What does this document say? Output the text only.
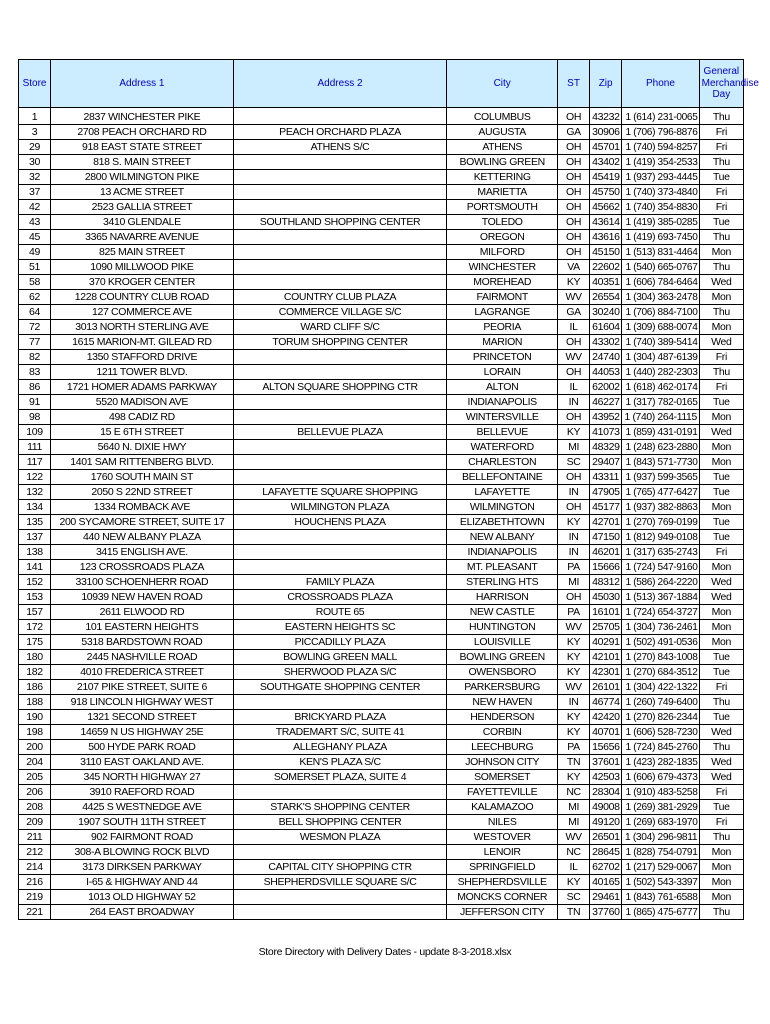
Store	Address 1	Address 2	City	ST	Zip	Phone	General Merchandise Day
1	2837 WINCHESTER PIKE		COLUMBUS	OH	43232	1 (614) 231-0065	Thu
3	2708 PEACH ORCHARD RD	PEACH ORCHARD PLAZA	AUGUSTA	GA	30906	1 (706) 796-8876	Fri
29	918 EAST STATE STREET	ATHENS S/C	ATHENS	OH	45701	1 (740) 594-8257	Fri
30	818 S. MAIN STREET		BOWLING GREEN	OH	43402	1 (419) 354-2533	Thu
32	2800 WILMINGTON PIKE		KETTERING	OH	45419	1 (937) 293-4445	Tue
37	13 ACME STREET		MARIETTA	OH	45750	1 (740) 373-4840	Fri
42	2523 GALLIA STREET		PORTSMOUTH	OH	45662	1 (740) 354-8830	Fri
43	3410 GLENDALE	SOUTHLAND SHOPPING CENTER	TOLEDO	OH	43614	1 (419) 385-0285	Tue
45	3365 NAVARRE AVENUE		OREGON	OH	43616	1 (419) 693-7450	Thu
49	825 MAIN STREET		MILFORD	OH	45150	1 (513) 831-4464	Mon
51	1090 MILLWOOD PIKE		WINCHESTER	VA	22602	1 (540) 665-0767	Thu
58	370 KROGER CENTER		MOREHEAD	KY	40351	1 (606) 784-6464	Wed
62	1228 COUNTRY CLUB ROAD	COUNTRY CLUB PLAZA	FAIRMONT	WV	26554	1 (304) 363-2478	Mon
64	127 COMMERCE AVE	COMMERCE VILLAGE S/C	LAGRANGE	GA	30240	1 (706) 884-7100	Thu
72	3013 NORTH STERLING AVE	WARD CLIFF S/C	PEORIA	IL	61604	1 (309) 688-0074	Mon
77	1615 MARION-MT. GILEAD RD	TORUM SHOPPING CENTER	MARION	OH	43302	1 (740) 389-5414	Wed
82	1350 STAFFORD DRIVE		PRINCETON	WV	24740	1 (304) 487-6139	Fri
83	1211 TOWER BLVD.		LORAIN	OH	44053	1 (440) 282-2303	Thu
86	1721 HOMER ADAMS PARKWAY	ALTON SQUARE SHOPPING CTR	ALTON	IL	62002	1 (618) 462-0174	Fri
91	5520 MADISON AVE		INDIANAPOLIS	IN	46227	1 (317) 782-0165	Tue
98	498 CADIZ RD		WINTERSVILLE	OH	43952	1 (740) 264-1115	Mon
109	15 E 6TH STREET	BELLEVUE PLAZA	BELLEVUE	KY	41073	1 (859) 431-0191	Wed
111	5640 N. DIXIE HWY		WATERFORD	MI	48329	1 (248) 623-2880	Mon
117	1401 SAM RITTENBERG BLVD.		CHARLESTON	SC	29407	1 (843) 571-7730	Mon
122	1760 SOUTH MAIN ST		BELLEFONTAINE	OH	43311	1 (937) 599-3565	Tue
132	2050 S 22ND STREET	LAFAYETTE SQUARE SHOPPING	LAFAYETTE	IN	47905	1 (765) 477-6427	Tue
134	1334 ROMBACK AVE	WILMINGTON PLAZA	WILMINGTON	OH	45177	1 (937) 382-8863	Mon
135	200 SYCAMORE STREET, SUITE 17	HOUCHENS PLAZA	ELIZABETHTOWN	KY	42701	1 (270) 769-0199	Tue
137	440 NEW ALBANY PLAZA		NEW ALBANY	IN	47150	1 (812) 949-0108	Tue
138	3415 ENGLISH AVE.		INDIANAPOLIS	IN	46201	1 (317) 635-2743	Fri
141	123 CROSSROADS PLAZA		MT. PLEASANT	PA	15666	1 (724) 547-9160	Mon
152	33100 SCHOENHERR ROAD	FAMILY PLAZA	STERLING HTS	MI	48312	1 (586) 264-2220	Wed
153	10939 NEW HAVEN ROAD	CROSSROADS PLAZA	HARRISON	OH	45030	1 (513) 367-1884	Wed
157	2611 ELWOOD RD	ROUTE 65	NEW CASTLE	PA	16101	1 (724) 654-3727	Mon
172	101 EASTERN HEIGHTS	EASTERN HEIGHTS SC	HUNTINGTON	WV	25705	1 (304) 736-2461	Mon
175	5318 BARDSTOWN ROAD	PICCADILLY PLAZA	LOUISVILLE	KY	40291	1 (502) 491-0536	Mon
180	2445 NASHVILLE ROAD	BOWLING GREEN MALL	BOWLING GREEN	KY	42101	1 (270) 843-1008	Tue
182	4010 FREDERICA STREET	SHERWOOD PLAZA S/C	OWENSBORO	KY	42301	1 (270) 684-3512	Tue
186	2107 PIKE STREET, SUITE 6	SOUTHGATE SHOPPING CENTER	PARKERSBURG	WV	26101	1 (304) 422-1322	Fri
188	918 LINCOLN HIGHWAY WEST		NEW HAVEN	IN	46774	1 (260) 749-6400	Thu
190	1321 SECOND STREET	BRICKYARD PLAZA	HENDERSON	KY	42420	1 (270) 826-2344	Tue
198	14659 N US HIGHWAY 25E	TRADEMART S/C, SUITE 41	CORBIN	KY	40701	1 (606) 528-7230	Wed
200	500 HYDE PARK ROAD	ALLEGHANY PLAZA	LEECHBURG	PA	15656	1 (724) 845-2760	Thu
204	3110 EAST OAKLAND AVE.	KEN'S PLAZA S/C	JOHNSON CITY	TN	37601	1 (423) 282-1835	Wed
205	345 NORTH HIGHWAY 27	SOMERSET PLAZA, SUITE 4	SOMERSET	KY	42503	1 (606) 679-4373	Wed
206	3910 RAEFORD ROAD		FAYETTEVILLE	NC	28304	1 (910) 483-5258	Fri
208	4425 S WESTNEDGE AVE	STARK'S SHOPPING CENTER	KALAMAZOO	MI	49008	1 (269) 381-2929	Tue
209	1907 SOUTH 11TH STREET	BELL SHOPPING CENTER	NILES	MI	49120	1 (269) 683-1970	Fri
211	902 FAIRMONT ROAD	WESMON PLAZA	WESTOVER	WV	26501	1 (304) 296-9811	Thu
212	308-A BLOWING ROCK BLVD		LENOIR	NC	28645	1 (828) 754-0791	Mon
214	3173 DIRKSEN PARKWAY	CAPITAL CITY SHOPPING CTR	SPRINGFIELD	IL	62702	1 (217) 529-0067	Mon
216	I-65 & HIGHWAY AND 44	SHEPHERDSVILLE SQUARE S/C	SHEPHERDSVILLE	KY	40165	1 (502) 543-3397	Mon
219	1013 OLD HIGHWAY 52		MONCKS CORNER	SC	29461	1 (843) 761-6588	Mon
221	264 EAST BROADWAY		JEFFERSON CITY	TN	37760	1 (865) 475-6777	Thu
Store Directory with Delivery Dates - update 8-3-2018.xlsx
